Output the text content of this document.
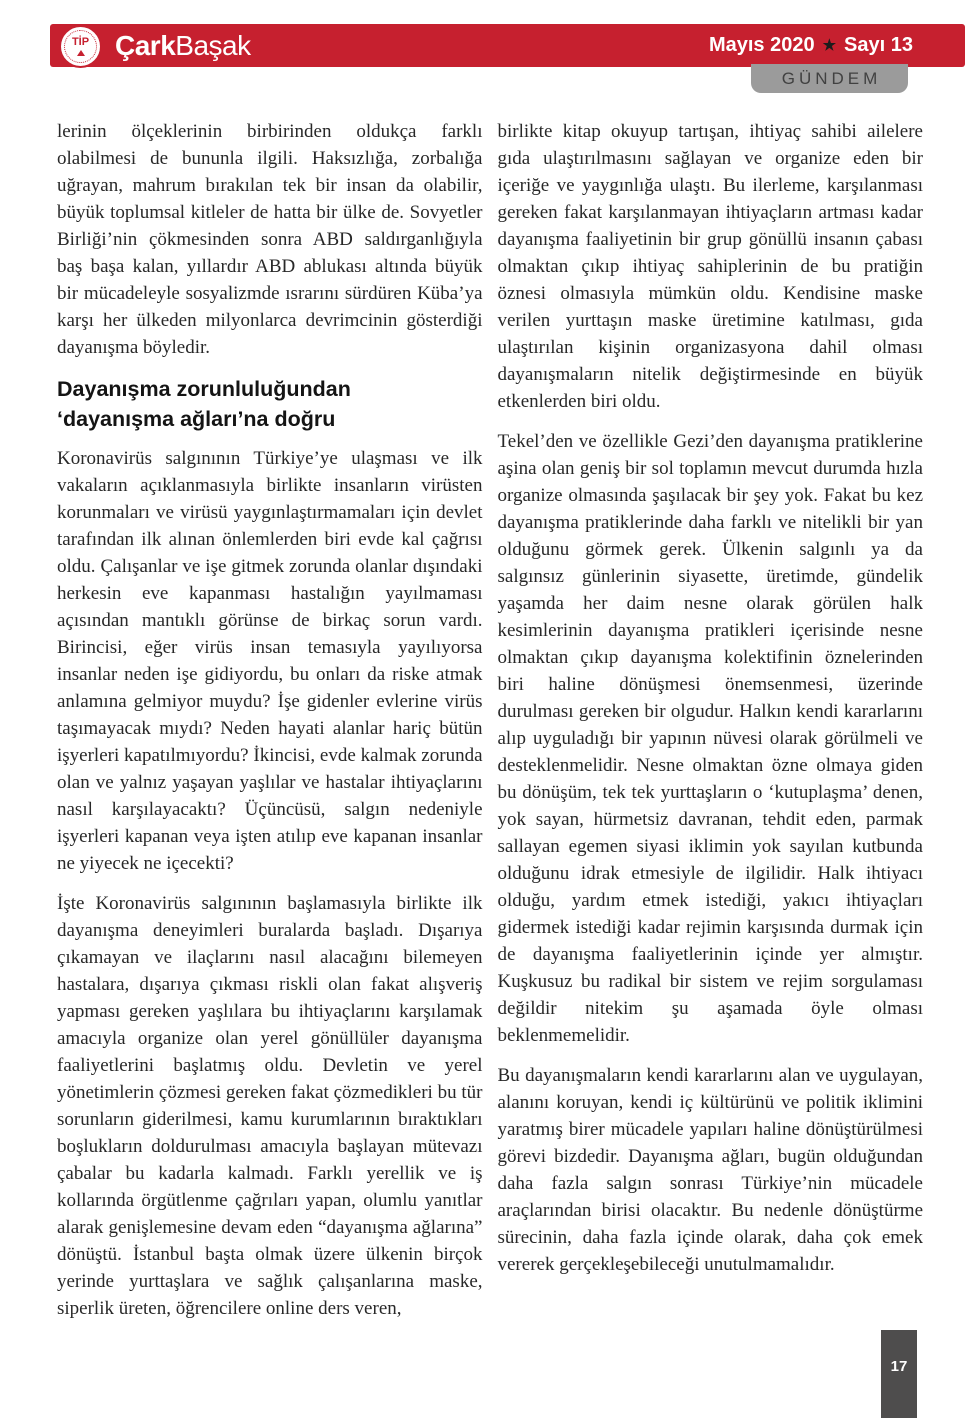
TİP Çark Başak	Mayıs 2020 ★ Sayı 13
GÜNDEM

lerinin ölçeklerinin birbirinden oldukça farklı olabilmesi de bununla ilgili. Haksızlığa, zorbalığa uğrayan, mahrum bırakılan tek bir insan da olabilir, büyük toplumsal kitleler de hatta bir ülke de. Sovyetler Birliği’nin çökmesinden sonra ABD saldırganlığıyla baş başa kalan, yıllardır ABD ablukası altında büyük bir mücadeleyle sosyalizmde ısrarını sürdüren Küba’ya karşı her ülkeden milyonlarca devrimcinin gösterdiği dayanışma böyledir.

Dayanışma zorunluluğundan
‘dayanışma ağları’na doğru

Koronavirüs salgınının Türkiye’ye ulaşması ve ilk vakaların açıklanmasıyla birlikte insanların virüsten korunmaları ve virüsü yaygınlaştırmamaları için devlet tarafından ilk alınan önlemlerden biri evde kal çağrısı oldu. Çalışanlar ve işe gitmek zorunda olanlar dışındaki herkesin eve kapanması hastalığın yayılmaması açısından mantıklı görünse de birkaç sorun vardı. Birincisi, eğer virüs insan temasıyla yayılıyorsa insanlar neden işe gidiyordu, bu onları da riske atmak anlamına gelmiyor muydu? İşe gidenler evlerine virüs taşımayacak mıydı? Neden hayati alanlar hariç bütün işyerleri kapatılmıyordu? İkincisi, evde kalmak zorunda olan ve yalnız yaşayan yaşlılar ve hastalar ihtiyaçlarını nasıl karşılayacaktı? Üçüncüsü, salgın nedeniyle işyerleri kapanan veya işten atılıp eve kapanan insanlar ne yiyecek ne içecekti?

İşte Koronavirüs salgınının başlamasıyla birlikte ilk dayanışma deneyimleri buralarda başladı. Dışarıya çıkamayan ve ilaçlarını nasıl alacağını bilemeyen hastalara, dışarıya çıkması riskli olan fakat alışveriş yapması gereken yaşlılara bu ihtiyaçlarını karşılamak amacıyla organize olan yerel gönüllüler dayanışma faaliyetlerini başlatmış oldu. Devletin ve yerel yönetimlerin çözmesi gereken fakat çözmedikleri bu tür sorunların giderilmesi, kamu kurumlarının bıraktıkları boşlukların doldurulması amacıyla başlayan mütevazı çabalar bu kadarla kalmadı. Farklı yerellik ve iş kollarında örgütlenme çağrıları yapan, olumlu yanıtlar alarak genişlemesine devam eden “dayanışma ağlarına” dönüştü. İstanbul başta olmak üzere ülkenin birçok yerinde yurttaşlara ve sağlık çalışanlarına maske, siperlik üreten, öğrencilere online ders veren,

birlikte kitap okuyup tartışan, ihtiyaç sahibi ailelere gıda ulaştırılmasını sağlayan ve organize eden bir içeriğe ve yaygınlığa ulaştı. Bu ilerleme, karşılanması gereken fakat karşılanmayan ihtiyaçların artması kadar dayanışma faaliyetinin bir grup gönüllü insanın çabası olmaktan çıkıp ihtiyaç sahiplerinin de bu pratiğin öznesi olmasıyla mümkün oldu. Kendisine maske verilen yurttaşın maske üretimine katılması, gıda ulaştırılan kişinin organizasyona dahil olması dayanışmaların nitelik değiştirmesinde en büyük etkenlerden biri oldu.

Tekel’den ve özellikle Gezi’den dayanışma pratiklerine aşina olan geniş bir sol toplamın mevcut durumda hızla organize olmasında şaşılacak bir şey yok. Fakat bu kez dayanışma pratiklerinde daha farklı ve nitelikli bir yan olduğunu görmek gerek. Ülkenin salgınlı ya da salgınsız günlerinin siyasette, üretimde, gündelik yaşamda her daim nesne olarak görülen halk kesimlerinin dayanışma pratikleri içerisinde nesne olmaktan çıkıp dayanışma kolektifinin öznelerinden biri haline dönüşmesi önemsenmesi, üzerinde durulması gereken bir olgudur. Halkın kendi kararlarını alıp uyguladığı bir yapının nüvesi olarak görülmeli ve desteklenmelidir. Nesne olmaktan özne olmaya giden bu dönüşüm, tek tek yurttaşların o ‘kutuplaşma’ denen, yok sayan, hürmetsiz davranan, tehdit eden, parmak sallayan egemen siyasi iklimin yok sayılan kutbunda olduğunu idrak etmesiyle de ilgilidir. Halk ihtiyacı olduğu, yardım etmek istediği, yakıcı ihtiyaçları gidermek istediği kadar rejimin karşısında durmak için de dayanışma faaliyetlerinin içinde yer almıştır. Kuşkusuz bu radikal bir sistem ve rejim sorgulaması değildir nitekim şu aşamada öyle olması beklenmemelidir.

Bu dayanışmaların kendi kararlarını alan ve uygulayan, alanını koruyan, kendi iç kültürünü ve politik iklimini yaratmış birer mücadele yapıları haline dönüştürülmesi görevi bizdedir. Dayanışma ağları, bugün olduğundan daha fazla salgın sonrası Türkiye’nin mücadele araçlarından birisi olacaktır. Bu nedenle dönüştürme sürecinin, daha fazla içinde olarak, daha çok emek vererek gerçekleşebileceği unutulmamalıdır.

17
